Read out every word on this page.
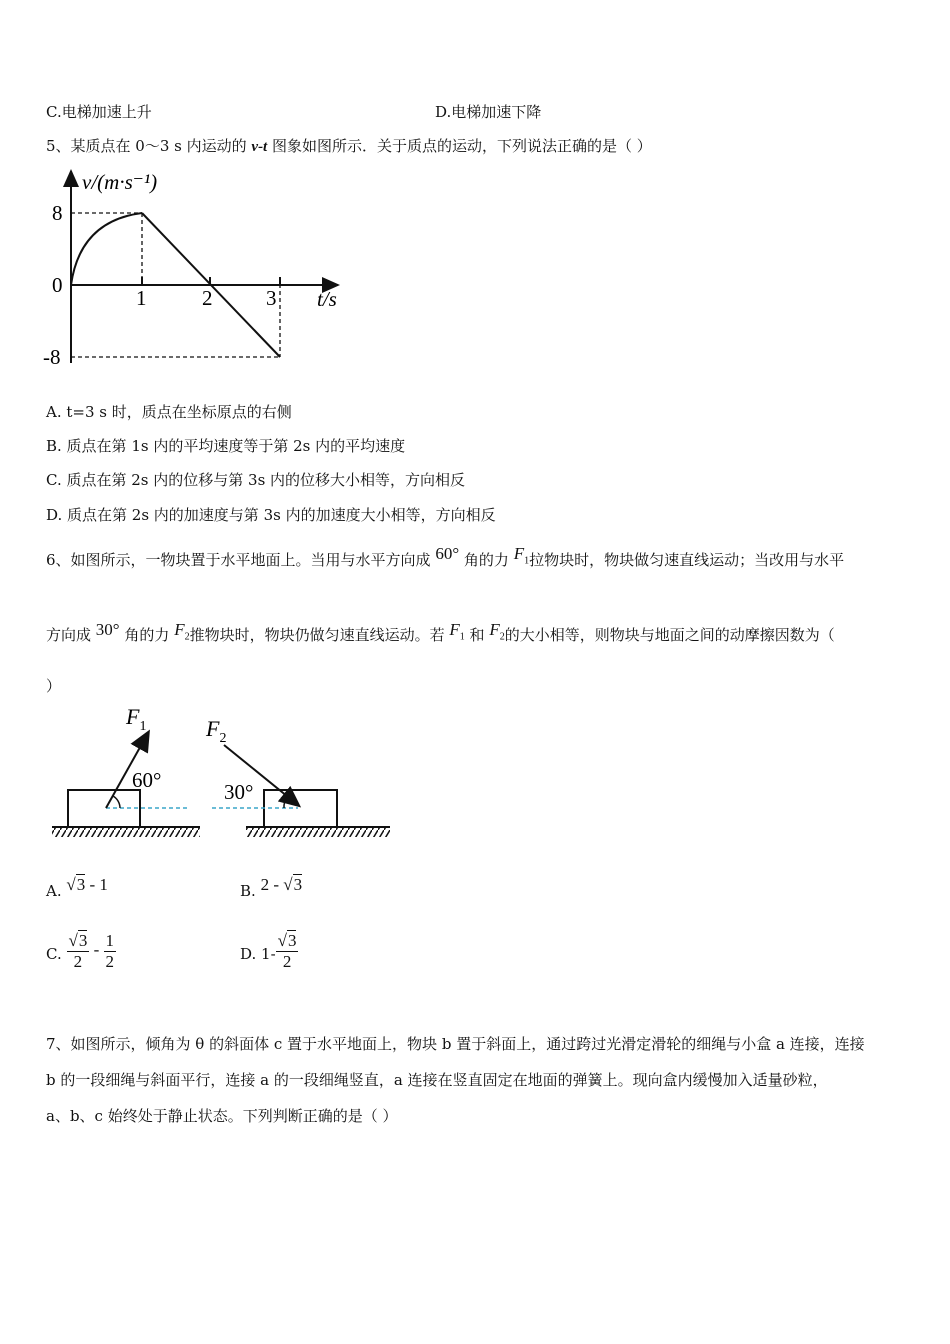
C.电梯加速上升	D.电梯加速下降
5、某质点在 0～3 s 内运动的 v-t 图象如图所示．关于质点的运动，下列说法正确的是（ ）
v/(m·s⁻¹)
t/s
8
0
-8
1	2	3
A. t=3 s 时，质点在坐标原点的右侧
B. 质点在第 1s 内的平均速度等于第 2s 内的平均速度
C. 质点在第 2s 内的位移与第 3s 内的位移大小相等，方向相反
D. 质点在第 2s 内的加速度与第 3s 内的加速度大小相等，方向相反
6、如图所示，一物块置于水平地面上。当用与水平方向成 60° 角的力 $F_1$拉物块时，物块做匀速直线运动；当改用与水平
方向成 30° 角的力 $F_2$推物块时，物块仍做匀速直线运动。若 $F_1$ 和 $F_2$的大小相等，则物块与地面之间的动摩擦因数为（
）
60°
$F_1$
30°
$F_2$
A. √3 - 1	B. 2 - √3
C. $\frac{√3}{2} - \frac{1}{2}$	D. $1- \frac{√3}{2}$
7、如图所示，倾角为 θ 的斜面体 c 置于水平地面上，物块 b 置于斜面上，通过跨过光滑定滑轮的细绳与小盒 a 连接，连接
b 的一段细绳与斜面平行，连接 a 的一段细绳竖直，a 连接在竖直固定在地面的弹簧上。现向盒内缓慢加入适量砂粒，
a、b、c 始终处于静止状态。下列判断正确的是（ ）
